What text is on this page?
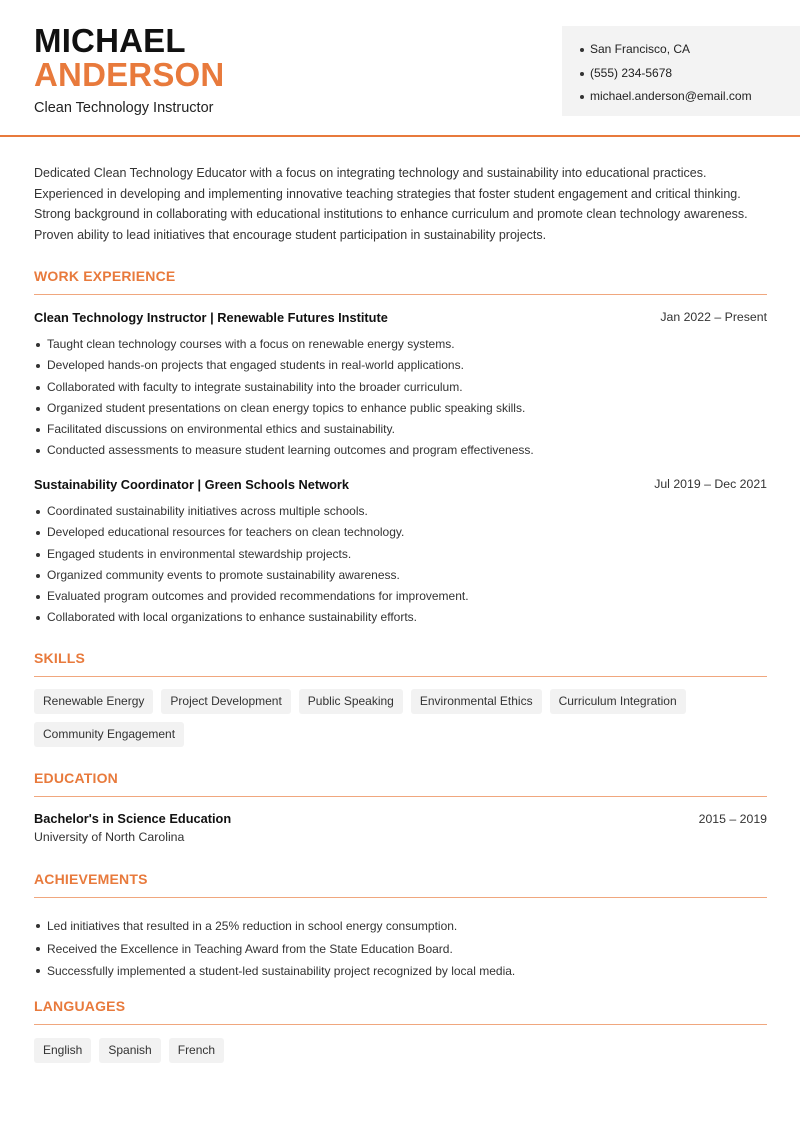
MICHAEL
ANDERSON
Clean Technology Instructor
San Francisco, CA
(555) 234-5678
michael.anderson@email.com

Dedicated Clean Technology Educator with a focus on integrating technology and sustainability into educational practices. Experienced in developing and implementing innovative teaching strategies that foster student engagement and critical thinking. Strong background in collaborating with educational institutions to enhance curriculum and promote clean technology awareness. Proven ability to lead initiatives that encourage student participation in sustainability projects.

WORK EXPERIENCE
Clean Technology Instructor | Renewable Futures Institute	Jan 2022 – Present
Taught clean technology courses with a focus on renewable energy systems.
Developed hands-on projects that engaged students in real-world applications.
Collaborated with faculty to integrate sustainability into the broader curriculum.
Organized student presentations on clean energy topics to enhance public speaking skills.
Facilitated discussions on environmental ethics and sustainability.
Conducted assessments to measure student learning outcomes and program effectiveness.
Sustainability Coordinator | Green Schools Network	Jul 2019 – Dec 2021
Coordinated sustainability initiatives across multiple schools.
Developed educational resources for teachers on clean technology.
Engaged students in environmental stewardship projects.
Organized community events to promote sustainability awareness.
Evaluated program outcomes and provided recommendations for improvement.
Collaborated with local organizations to enhance sustainability efforts.
SKILLS
Renewable Energy	Project Development	Public Speaking	Environmental Ethics	Curriculum Integration
Community Engagement
EDUCATION
Bachelor's in Science Education
University of North Carolina
2015 – 2019
ACHIEVEMENTS
Led initiatives that resulted in a 25% reduction in school energy consumption.
Received the Excellence in Teaching Award from the State Education Board.
Successfully implemented a student-led sustainability project recognized by local media.
LANGUAGES
English	Spanish	French
